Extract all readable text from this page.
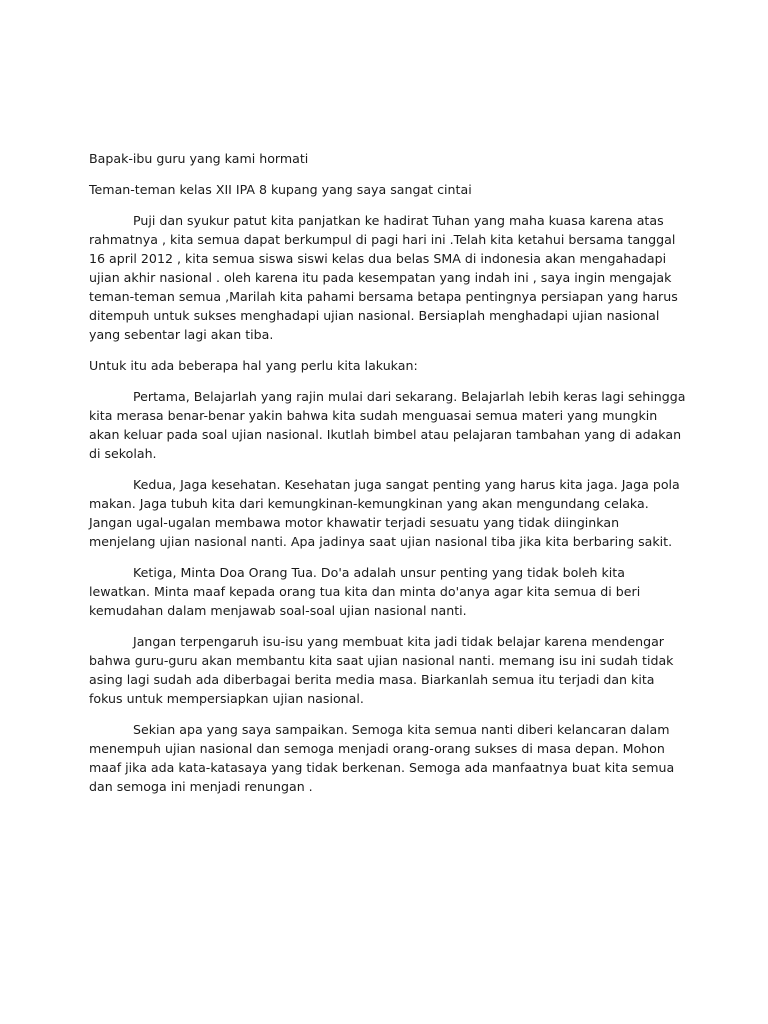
Bapak-ibu guru yang kami hormati

Teman-teman kelas XII IPA 8 kupang yang saya sangat cintai

Puji dan syukur patut kita panjatkan ke hadirat Tuhan yang maha kuasa karena atas rahmatnya , kita semua dapat berkumpul di pagi hari ini .Telah kita ketahui bersama tanggal 16 april 2012 , kita semua siswa siswi kelas dua belas SMA di indonesia akan mengahadapi ujian akhir nasional . oleh karena itu pada kesempatan yang indah ini , saya ingin mengajak teman-teman semua ,Marilah kita pahami bersama betapa pentingnya persiapan yang harus ditempuh untuk sukses menghadapi ujian nasional. Bersiaplah menghadapi ujian nasional yang sebentar lagi akan tiba.

Untuk itu ada beberapa hal yang perlu kita lakukan:

Pertama, Belajarlah yang rajin mulai dari sekarang. Belajarlah lebih keras lagi sehingga kita merasa benar-benar yakin bahwa kita sudah menguasai semua materi yang mungkin akan keluar pada soal ujian nasional. Ikutlah bimbel atau pelajaran tambahan yang di adakan di sekolah.

Kedua, Jaga kesehatan. Kesehatan juga sangat penting yang harus kita jaga. Jaga pola makan. Jaga tubuh kita dari kemungkinan-kemungkinan yang akan mengundang celaka. Jangan ugal-ugalan membawa motor khawatir terjadi sesuatu yang tidak diinginkan menjelang ujian nasional nanti. Apa jadinya saat ujian nasional tiba jika kita berbaring sakit.

Ketiga, Minta Doa Orang Tua. Do'a adalah unsur penting yang tidak boleh kita lewatkan. Minta maaf kepada orang tua kita dan minta do'anya agar kita semua di beri kemudahan dalam menjawab soal-soal ujian nasional nanti.

Jangan terpengaruh isu-isu yang membuat kita jadi tidak belajar karena mendengar bahwa guru-guru akan membantu kita saat ujian nasional nanti. memang isu ini sudah tidak asing lagi sudah ada diberbagai berita media masa. Biarkanlah semua itu terjadi dan kita fokus untuk mempersiapkan ujian nasional.

Sekian apa yang saya sampaikan. Semoga kita semua nanti diberi kelancaran dalam menempuh ujian nasional dan semoga menjadi orang-orang sukses di masa depan. Mohon maaf jika ada kata-katasaya yang tidak berkenan. Semoga ada manfaatnya buat kita semua dan semoga ini menjadi renungan .
